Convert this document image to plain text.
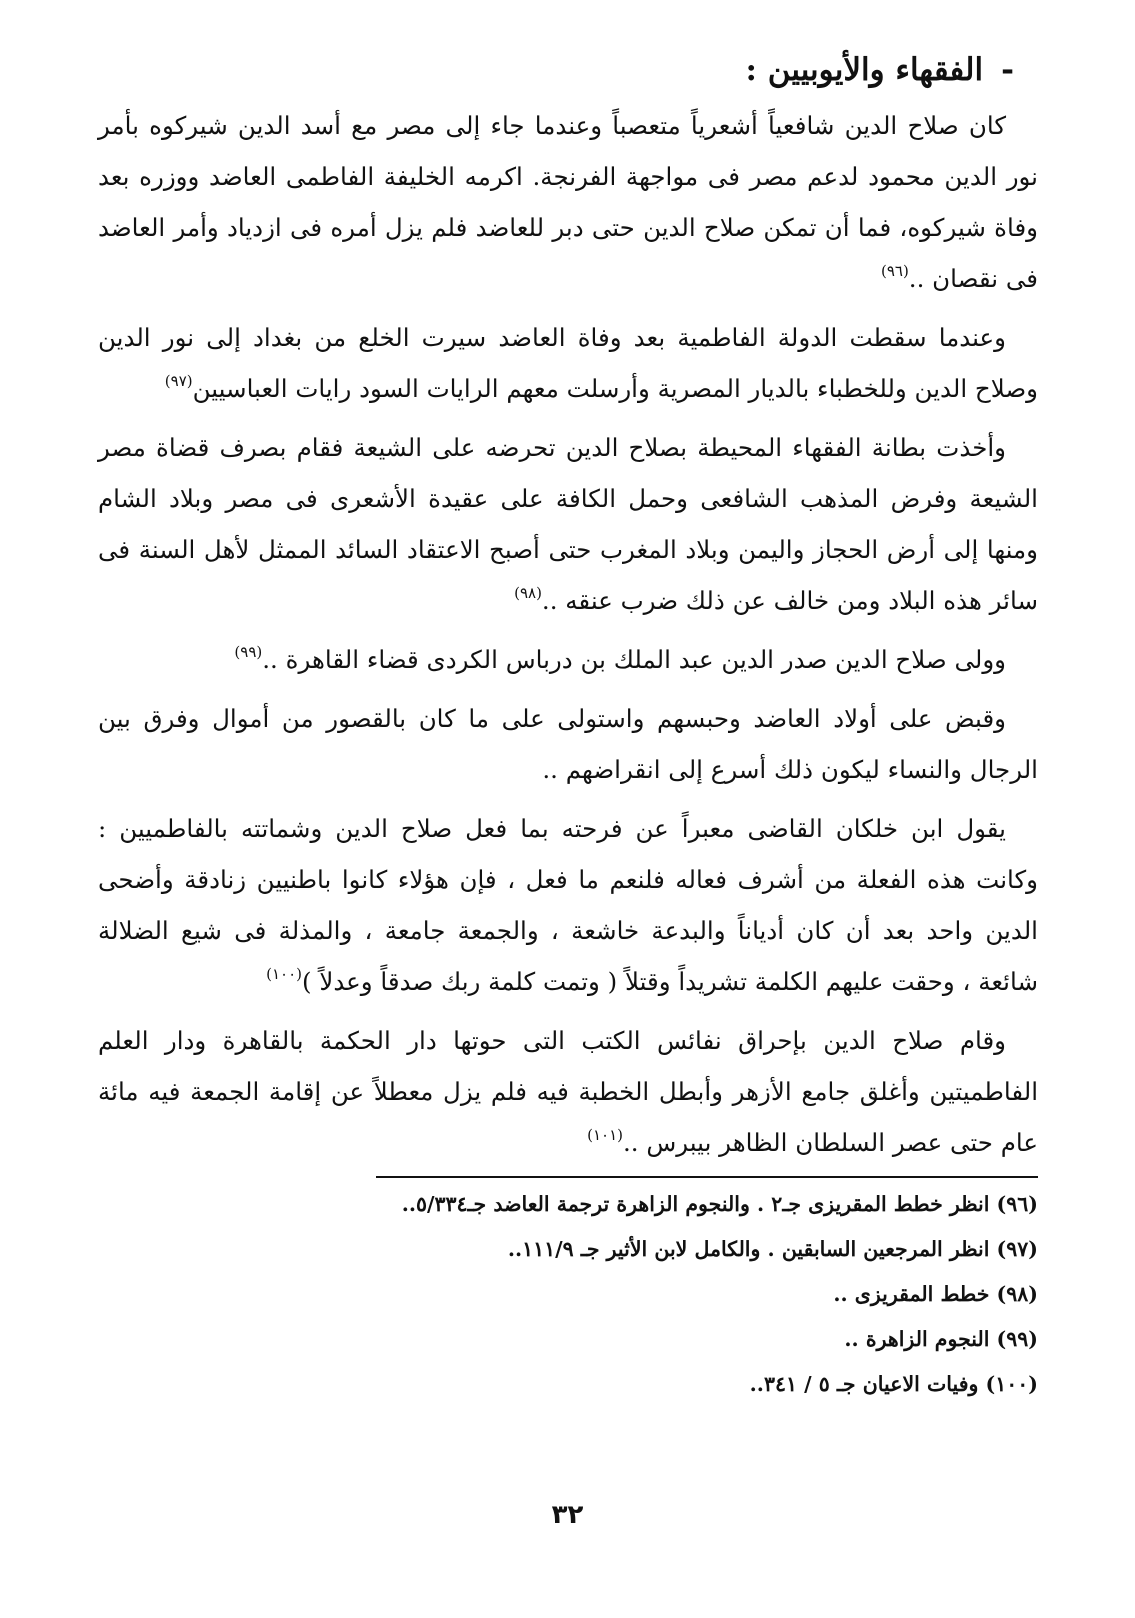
-الفقهاء والأيوبيين :

كان صلاح الدين شافعياً أشعرياً متعصباً وعندما جاء إلى مصر مع أسد الدين شيركوه بأمر نور الدين محمود لدعم مصر فى مواجهة الفرنجة. اكرمه الخليفة الفاطمى العاضد ووزره بعد وفاة شيركوه، فما أن تمكن صلاح الدين حتى دبر للعاضد فلم يزل أمره فى ازدياد وأمر العاضد فى نقصان ..$^{(٩٦)}$

وعندما سقطت الدولة الفاطمية بعد وفاة العاضد سيرت الخلع من بغداد إلى نور الدين وصلاح الدين وللخطباء بالديار المصرية وأرسلت معهم الرايات السود رايات العباسيين$^{(٩٧)}$

وأخذت بطانة الفقهاء المحيطة بصلاح الدين تحرضه على الشيعة فقام بصرف قضاة مصر الشيعة وفرض المذهب الشافعى وحمل الكافة على عقيدة الأشعرى فى مصر وبلاد الشام ومنها إلى أرض الحجاز واليمن وبلاد المغرب حتى أصبح الاعتقاد السائد الممثل لأهل السنة فى سائر هذه البلاد ومن خالف عن ذلك ضرب عنقه ..$^{(٩٨)}$

وولى صلاح الدين صدر الدين عبد الملك بن درباس الكردى قضاء القاهرة ..$^{(٩٩)}$

وقبض على أولاد العاضد وحبسهم واستولى على ما كان بالقصور من أموال وفرق بين الرجال والنساء ليكون ذلك أسرع إلى انقراضهم ..

يقول ابن خلكان القاضى معبراً عن فرحته بما فعل صلاح الدين وشماتته بالفاطميين : وكانت هذه الفعلة من أشرف فعاله فلنعم ما فعل ، فإن هؤلاء كانوا باطنيين زنادقة وأضحى الدين واحد بعد أن كان أدياناً والبدعة خاشعة ، والجمعة جامعة ، والمذلة فى شيع الضلالة شائعة ، وحقت عليهم الكلمة تشريداً وقتلاً ( وتمت كلمة ربك صدقاً وعدلاً )$^{(١٠٠)}$

وقام صلاح الدين بإحراق نفائس الكتب التى حوتها دار الحكمة بالقاهرة ودار العلم الفاطميتين وأغلق جامع الأزهر وأبطل الخطبة فيه فلم يزل معطلاً عن إقامة الجمعة فيه مائة عام حتى عصر السلطان الظاهر بيبرس ..$^{(١٠١)}$

(٩٦) انظر خطط المقريزى جـ٢ . والنجوم الزاهرة ترجمة العاضد جـ٥/٣٣٤..
(٩٧) انظر المرجعين السابقين . والكامل لابن الأثير جـ ١١١/٩..
(٩٨) خطط المقريزى ..
(٩٩) النجوم الزاهرة ..
(١٠٠) وفيات الاعيان جـ ٥ / ٣٤١..
٣٢
